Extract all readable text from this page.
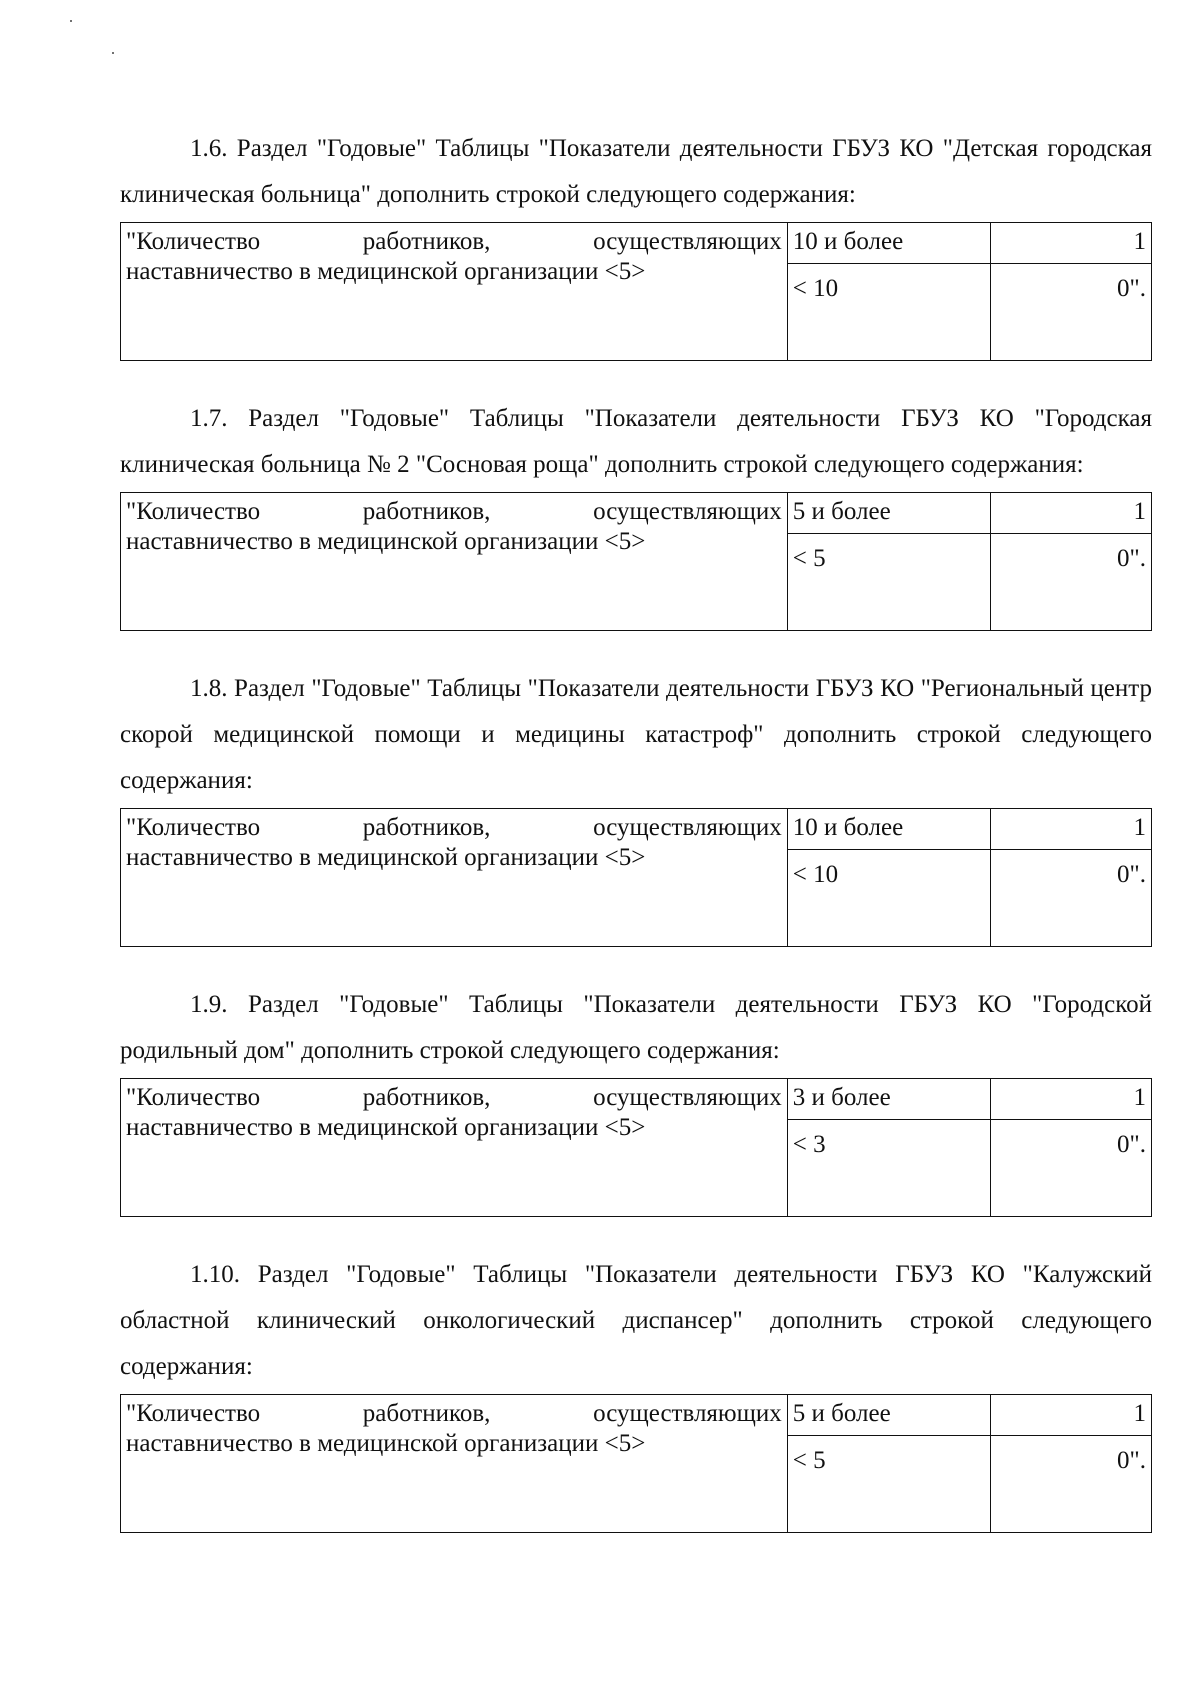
1.6. Раздел "Годовые" Таблицы "Показатели деятельности ГБУЗ КО "Детская городская клиническая больница" дополнить строкой следующего содержания:

"Количество работников, осуществляющих
наставничество в медицинской организации <5>	10 и более	1
	< 10	0".

1.7. Раздел "Годовые" Таблицы "Показатели деятельности ГБУЗ КО "Городская клиническая больница № 2 "Сосновая роща" дополнить строкой следующего содержания:

"Количество работников, осуществляющих
наставничество в медицинской организации <5>	5 и более	1
	< 5	0".

1.8. Раздел "Годовые" Таблицы "Показатели деятельности ГБУЗ КО "Региональный центр скорой медицинской помощи и медицины катастроф" дополнить строкой следующего содержания:

"Количество работников, осуществляющих
наставничество в медицинской организации <5>	10 и более	1
	< 10	0".

1.9. Раздел "Годовые" Таблицы "Показатели деятельности ГБУЗ КО "Городской родильный дом" дополнить строкой следующего содержания:

"Количество работников, осуществляющих
наставничество в медицинской организации <5>	3 и более	1
	< 3	0".

1.10. Раздел "Годовые" Таблицы "Показатели деятельности ГБУЗ КО "Калужский областной клинический онкологический диспансер" дополнить строкой следующего содержания:

"Количество работников, осуществляющих
наставничество в медицинской организации <5>	5 и более	1
	< 5	0".
